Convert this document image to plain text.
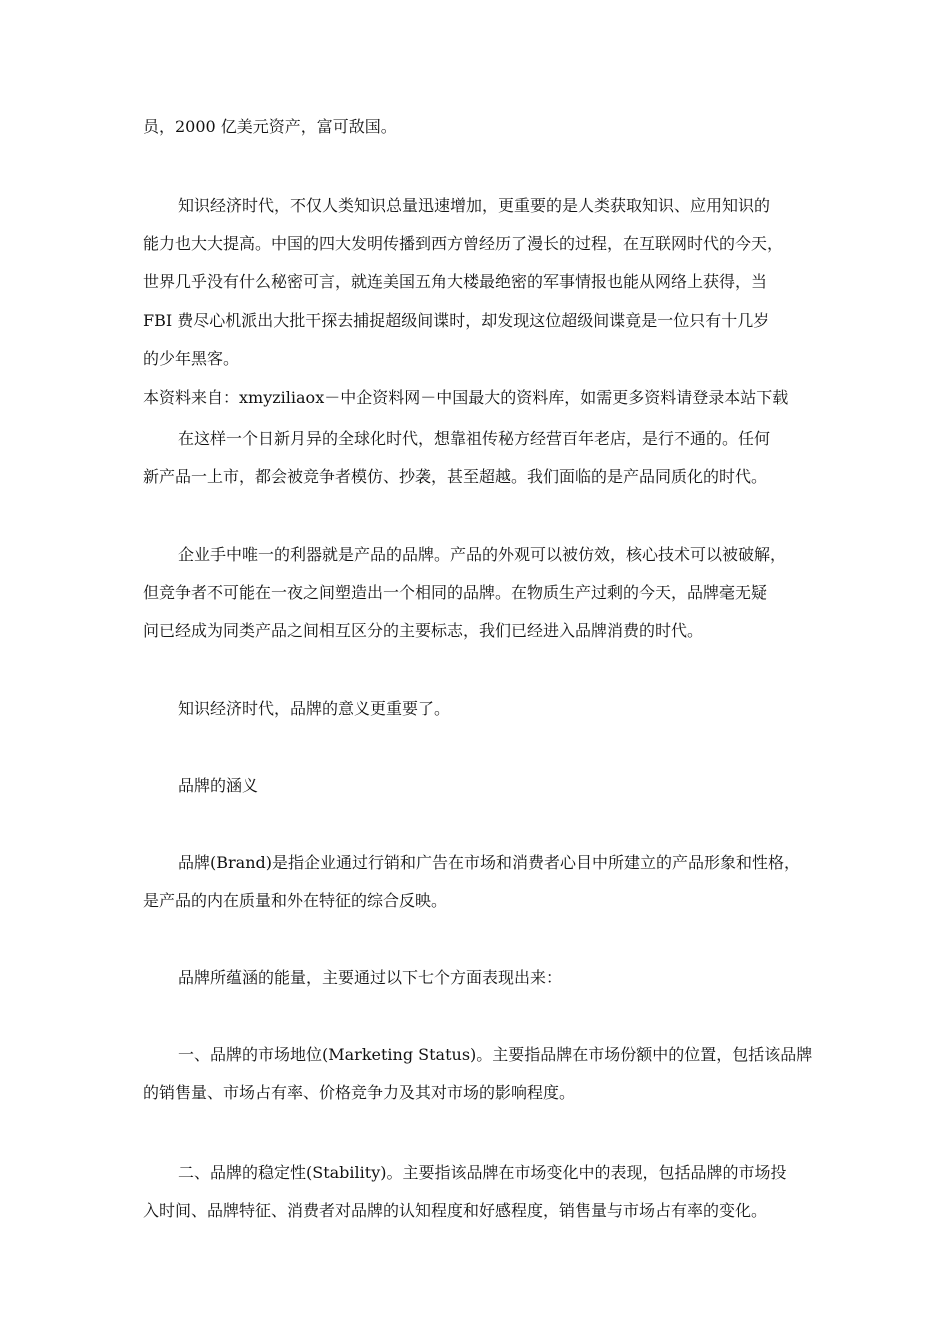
员，2000 亿美元资产，富可敌国。
知识经济时代，不仅人类知识总量迅速增加，更重要的是人类获取知识、应用知识的
能力也大大提高。中国的四大发明传播到西方曾经历了漫长的过程，在互联网时代的今天，
世界几乎没有什么秘密可言，就连美国五角大楼最绝密的军事情报也能从网络上获得，当
FBI 费尽心机派出大批干探去捕捉超级间谍时，却发现这位超级间谍竟是一位只有十几岁
的少年黑客。
本资料来自：xmyziliaox－中企资料网－中国最大的资料库，如需更多资料请登录本站下载
在这样一个日新月异的全球化时代，想靠祖传秘方经营百年老店，是行不通的。任何
新产品一上市，都会被竞争者模仿、抄袭，甚至超越。我们面临的是产品同质化的时代。
企业手中唯一的利器就是产品的品牌。产品的外观可以被仿效，核心技术可以被破解，
但竞争者不可能在一夜之间塑造出一个相同的品牌。在物质生产过剩的今天，品牌毫无疑
问已经成为同类产品之间相互区分的主要标志，我们已经进入品牌消费的时代。
知识经济时代，品牌的意义更重要了。
品牌的涵义
品牌(Brand)是指企业通过行销和广告在市场和消费者心目中所建立的产品形象和性格，
是产品的内在质量和外在特征的综合反映。
品牌所蕴涵的能量，主要通过以下七个方面表现出来：
一、品牌的市场地位(Marketing Status)。主要指品牌在市场份额中的位置，包括该品牌
的销售量、市场占有率、价格竞争力及其对市场的影响程度。
二、品牌的稳定性(Stability)。主要指该品牌在市场变化中的表现，包括品牌的市场投
入时间、品牌特征、消费者对品牌的认知程度和好感程度，销售量与市场占有率的变化。
